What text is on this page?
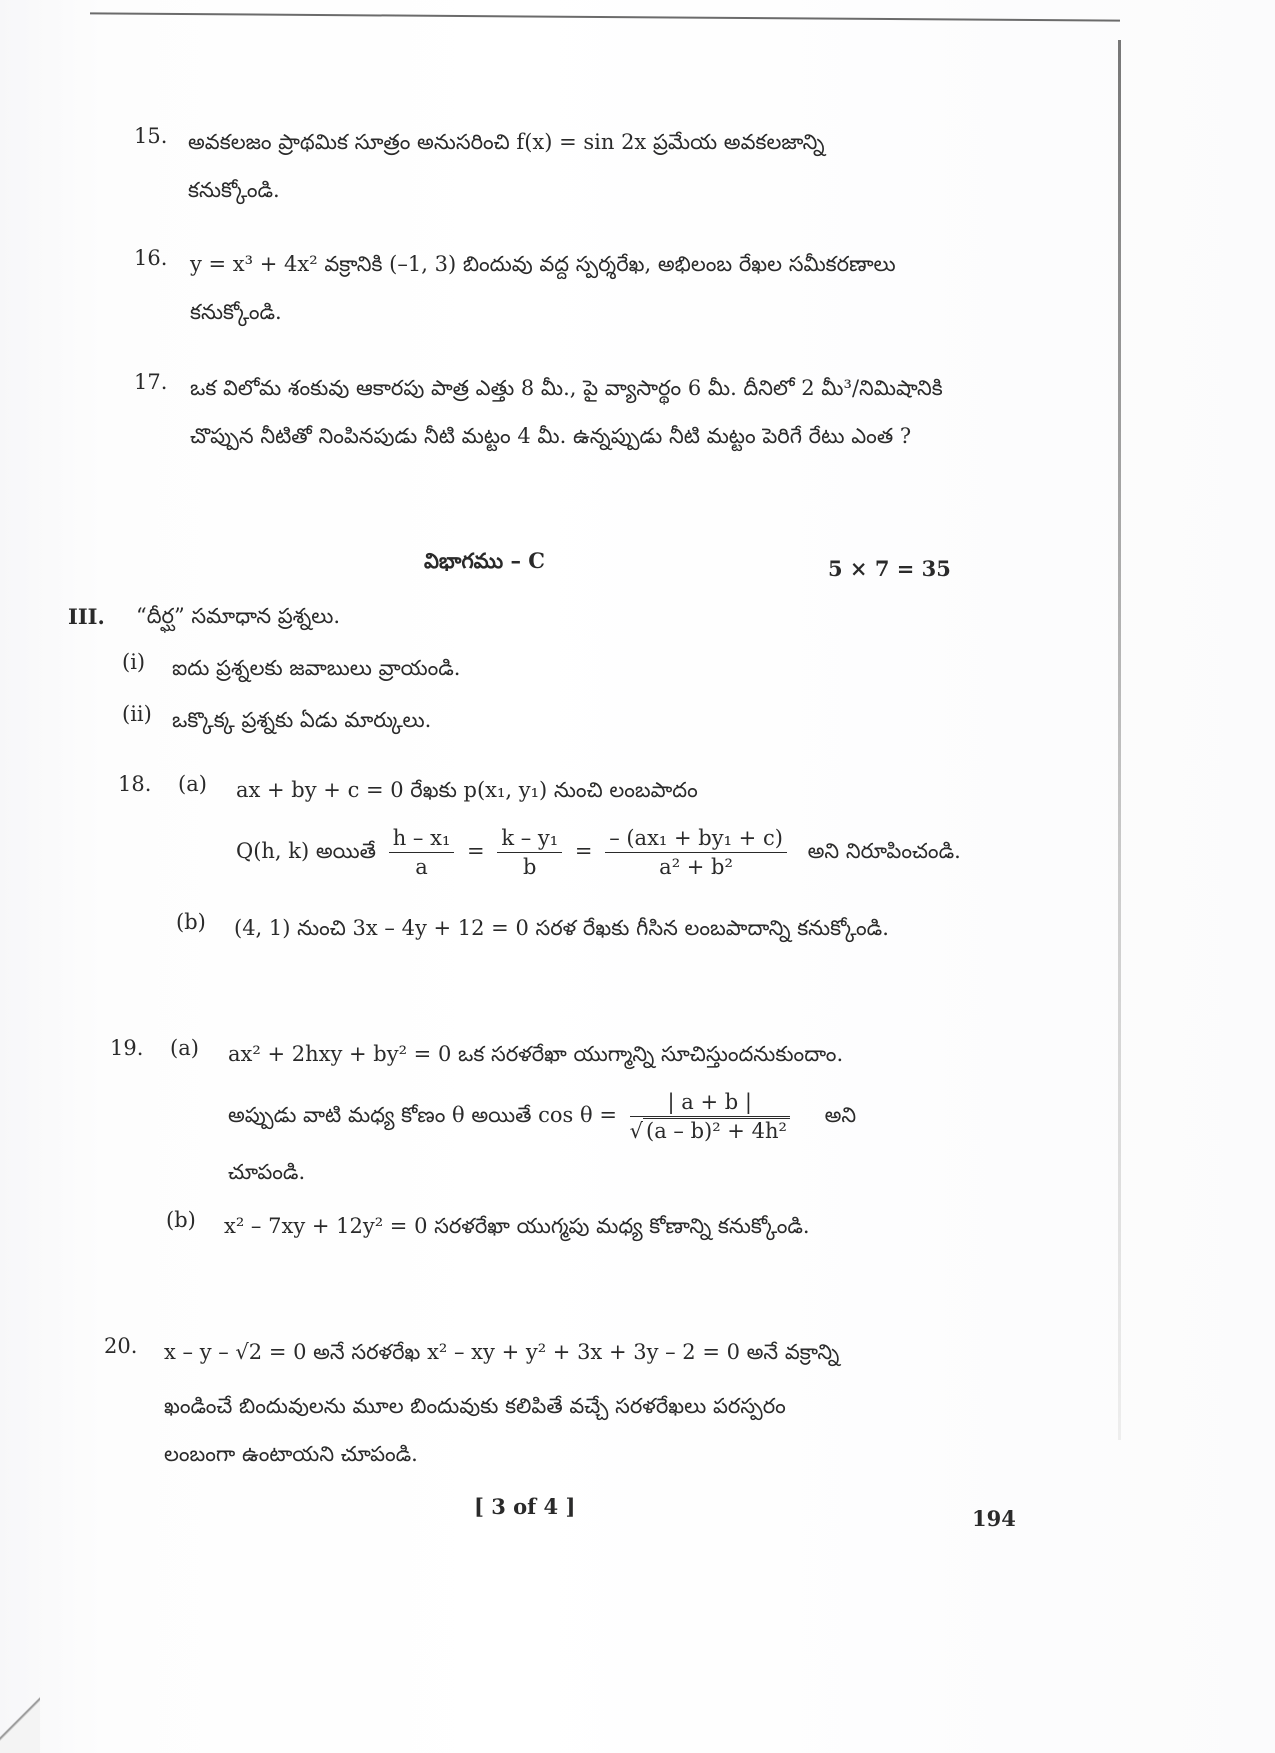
15. అవకలజం ప్రాథమిక సూత్రం అనుసరించి f(x) = sin 2x ప్రమేయ అవకలజాన్ని
కనుక్కోండి.
16. y = x³ + 4x² వక్రానికి (–1, 3) బిందువు వద్ద స్పర్శరేఖ, అభిలంబ రేఖల సమీకరణాలు
కనుక్కోండి.
17. ఒక విలోమ శంకువు ఆకారపు పాత్ర ఎత్తు 8 మీ., పై వ్యాసార్థం 6 మీ. దీనిలో 2 మీ³/నిమిషానికి
చొప్పున నీటితో నింపినపుడు నీటి మట్టం 4 మీ. ఉన్నప్పుడు నీటి మట్టం పెరిగే రేటు ఎంత ?
విభాగము – C	5 × 7 = 35
III. “దీర్ఘ” సమాధాన ప్రశ్నలు.
(i) ఐదు ప్రశ్నలకు జవాబులు వ్రాయండి.
(ii) ఒక్కొక్క ప్రశ్నకు ఏడు మార్కులు.
18. (a) ax + by + c = 0 రేఖకు p(x₁, y₁) నుంచి లంబపాదం
Q(h, k) అయితే $\frac{\text{h – x₁}}{a} = \frac{\text{k – y₁}}{b} = \frac{\text{– (ax₁ + by₁ + c)}}{\text{a² + b²}}$ అని నిరూపించండి.
(b) (4, 1) నుంచి 3x – 4y + 12 = 0 సరళ రేఖకు గీసిన లంబపాదాన్ని కనుక్కోండి.
19. (a) ax² + 2hxy + by² = 0 ఒక సరళరేఖా యుగ్మాన్ని సూచిస్తుందనుకుందాం.
అప్పుడు వాటి మధ్య కోణం θ అయితే $\cos \theta = \frac{| a + b |}{\text{√ (a – b)² + 4h²}}$ అని
చూపండి.
(b) x² – 7xy + 12y² = 0 సరళరేఖా యుగ్మపు మధ్య కోణాన్ని కనుక్కోండి.
20. x – y – √2 = 0 అనే సరళరేఖ x² – xy + y² + 3x + 3y – 2 = 0 అనే వక్రాన్ని
ఖండించే బిందువులను మూల బిందువుకు కలిపితే వచ్చే సరళరేఖలు పరస్పరం
లంబంగా ఉంటాయని చూపండి.
[ 3 of 4 ]	194
